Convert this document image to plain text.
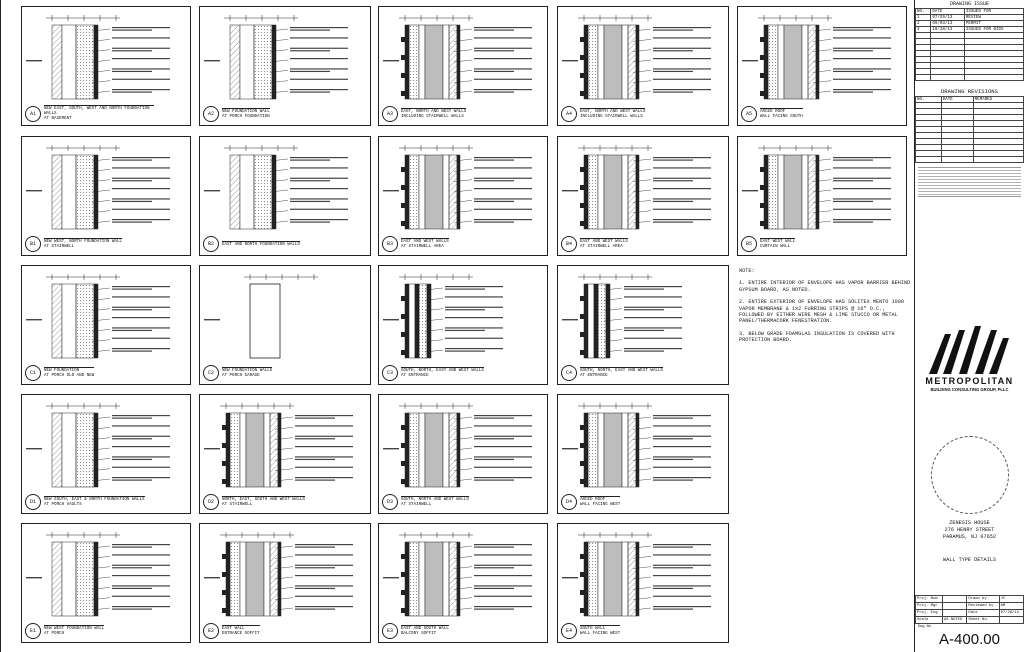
A1
NEW EAST, SOUTH, WEST AND NORTH FOUNDATION WALLS
AT BASEMENT
A2	NEW FOUNDATION WALL
AT PORCH FOUNDATION	A3	EAST, NORTH AND WEST WALLS
INCLUDING STAIRWELL WALLS	A4	EAST, NORTH AND WEST WALLS
INCLUDING STAIRWELL WALLS	A5	ARCED ROOF
WALL FACING SOUTH
B1	NEW WEST, NORTH FOUNDATION WALL
AT STAIRWELL	B2	EAST AND NORTH FOUNDATION WALLS	B3	EAST AND WEST WALLS
AT STAIRWELL AREA	B4	EAST AND WEST WALLS
AT STAIRWELL AREA	B5	EAST WEST WALL
CURTAIN WALL
C1	NEW FOUNDATION
AT PORCH OLD AND NEW	C2	NEW FOUNDATION WALLS
AT PORCH GARAGE	C3	SOUTH, NORTH, EAST AND WEST WALLS
AT ENTRANCE	C4	SOUTH, NORTH, EAST AND WEST WALLS
AT ENTRANCE
D1	NEW SOUTH, EAST & NORTH FOUNDATION WALLS
AT PORCH VAULTS	D2	NORTH, EAST, SOUTH AND WEST WALLS
AT STAIRWELL	D3	SOUTH, NORTH AND WEST WALLS
AT STAIRWELL	D4	ARCED ROOF
WALL FACING WEST
E1	NEW WEST FOUNDATION WALL
AT PORCH	E2	EAST WALL
ENTRANCE SOFFIT	E3	EAST AND SOUTH WALL
BALCONY SOFFIT	E4	SOUTH WALL
WALL FACING WEST

NOTE:

1. ENTIRE INTERIOR OF ENVELOPE HAS VAPOR BARRIER BEHIND GYPSUM BOARD, AS NOTED.

2. ENTIRE EXTERIOR OF ENVELOPE HAS SOLITEX MENTO 1000 VAPOR MEMBRANE & 1x2 FURRING STRIPS @ 16" O.C., FOLLOWED BY EITHER WIRE MESH & LIME STUCCO OR METAL PANEL/THERMACORK FENESTRATION.

3. BELOW GRADE FOAMGLAS INSULATION IS COVERED WITH PROTECTION BOARD.

DRAWING ISSUE
NO.	DATE	ISSUED FOR
1	07/29/13	REVIEW
2	09/03/13	PERMIT
3	10/28/13	ISSUED FOR BIDS

DRAWING REVISIONS
NO.	DATE	REMARKS

METROPOLITAN
BUILDING CONSULTING GROUP, PLLC
ZENESIS HOUSE
276 HENRY STREET
PARAMUS, NJ 07652
WALL TYPE DETAILS
Proj. Num		Drawn by	JC
Proj. Mgr		Reviewed by	AM
Proj. Eng		Date	07/29/14
Scale	AS NOTED	Sheet No.	
Dwg No.
A-400.00
